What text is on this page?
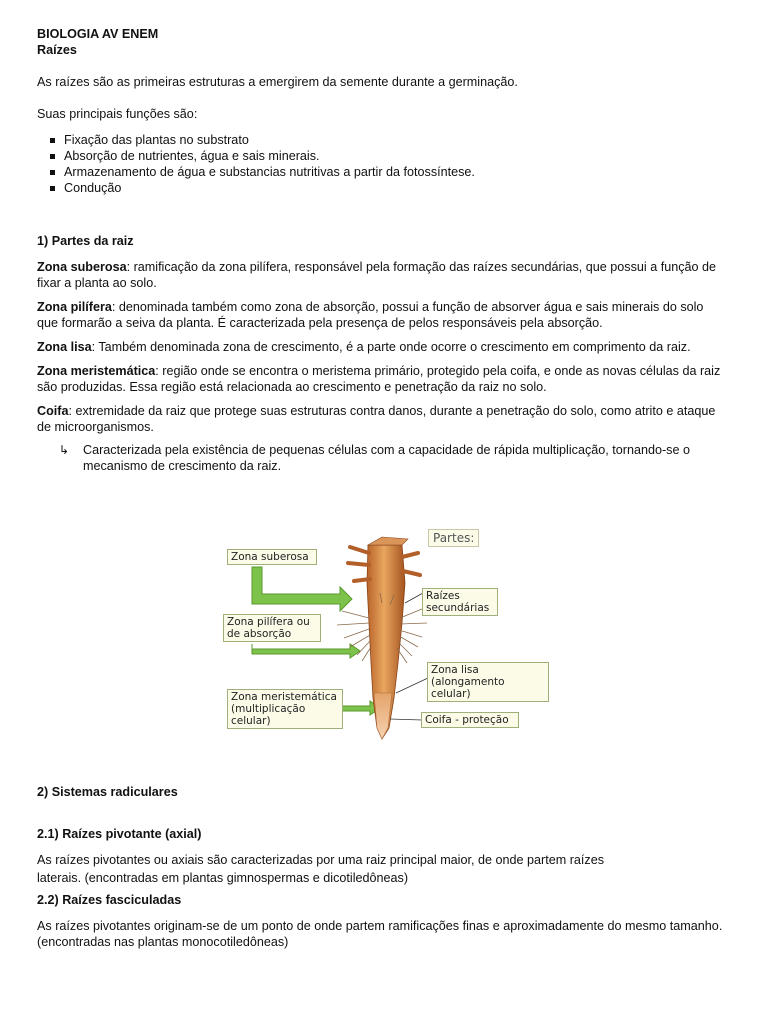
BIOLOGIA AV ENEM

Raízes

As raízes são as primeiras estruturas a emergirem da semente durante a germinação.

Suas principais funções são:

Fixação das plantas no substrato
Absorção de nutrientes, água e sais minerais.
Armazenamento de água e substancias nutritivas a partir da fotossíntese.
Condução

1) Partes da raiz

Zona suberosa: ramificação da zona pilífera, responsável pela formação das raízes secundárias, que possui a função de fixar a planta ao solo.

Zona pilífera: denominada também como zona de absorção, possui a função de absorver água e sais minerais do solo que formarão a seiva da planta. É caracterizada pela presença de pelos responsáveis pela absorção.

Zona lisa: Também denominada zona de crescimento, é a parte onde ocorre o crescimento em comprimento da raiz.

Zona meristemática: região onde se encontra o meristema primário, protegido pela coifa, e onde as novas células da raiz são produzidas. Essa região está relacionada ao crescimento e penetração da raiz no solo.

Coifa: extremidade da raiz que protege suas estruturas contra danos, durante a penetração do solo, como atrito e ataque de microorganismos.

↳ Caracterizada pela existência de pequenas células com a capacidade de rápida multiplicação, tornando-se o mecanismo de crescimento da raiz.

Partes:
Zona suberosa
Zona pilífera ou
de absorção
Zona meristemática
(multiplicação
celular)
Raízes
secundárias
Zona lisa
(alongamento celular)
Coifa - proteção

2) Sistemas radiculares

2.1) Raízes pivotante (axial)

As raízes pivotantes ou axiais são caracterizadas por uma raiz principal maior, de onde partem raízes

laterais. (encontradas em plantas gimnospermas e dicotiledôneas)

2.2) Raízes fasciculadas

As raízes pivotantes originam-se de um ponto de onde partem ramificações finas e aproximadamente do mesmo tamanho. (encontradas nas plantas monocotiledôneas)
